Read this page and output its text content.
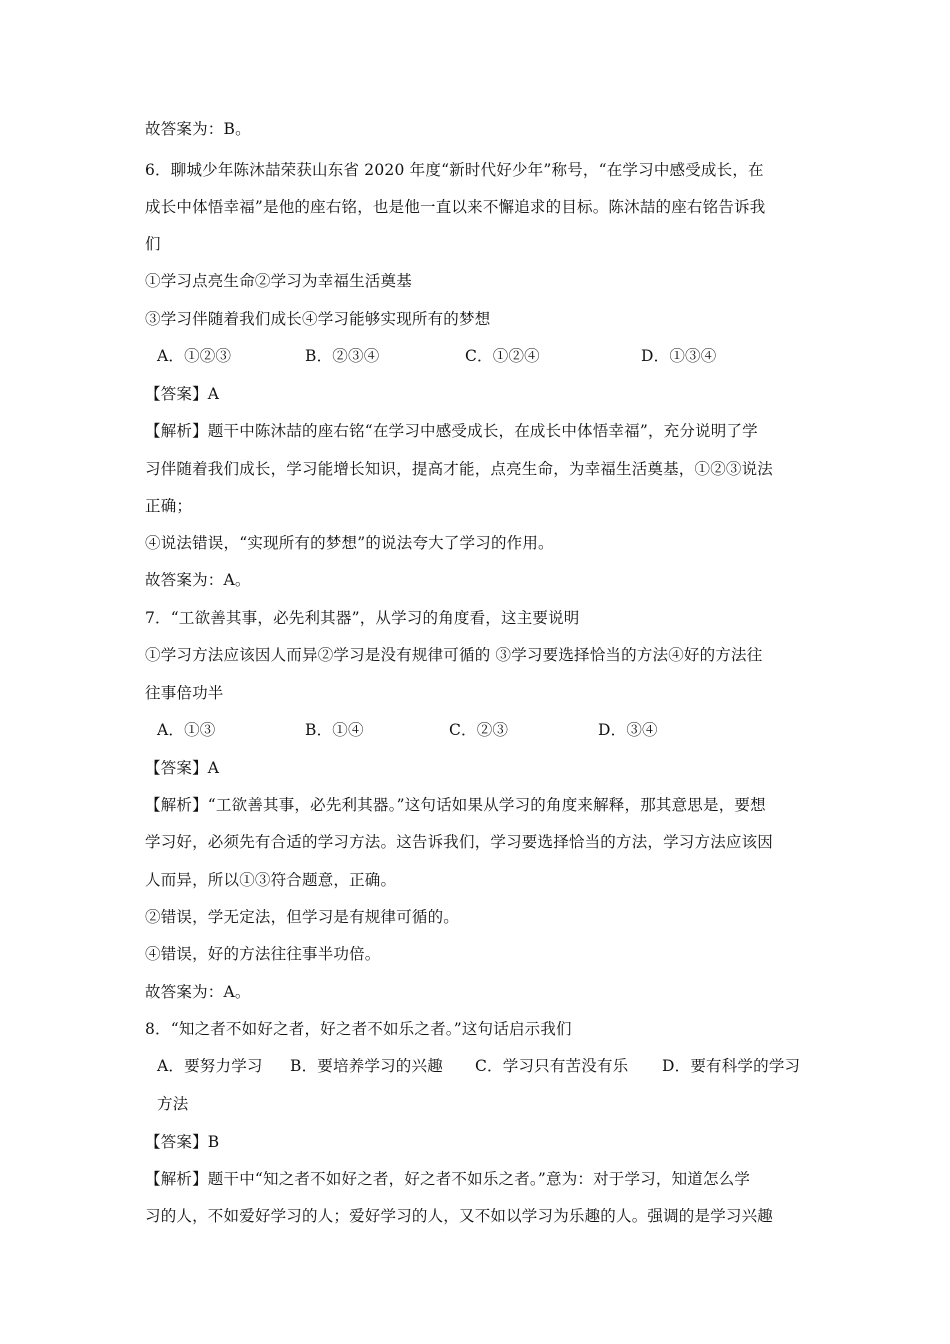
故答案为：B。
6．聊城少年陈沐喆荣获山东省 2020 年度“新时代好少年”称号，“在学习中感受成长，在
成长中体悟幸福”是他的座右铭，也是他一直以来不懈追求的目标。陈沐喆的座右铭告诉我
们
①学习点亮生命②学习为幸福生活奠基
③学习伴随着我们成长④学习能够实现所有的梦想
A．①②③	B．②③④	C．①②④	D．①③④
【答案】A
【解析】题干中陈沐喆的座右铭“在学习中感受成长，在成长中体悟幸福”，充分说明了学
习伴随着我们成长，学习能增长知识，提高才能，点亮生命，为幸福生活奠基，①②③说法
正确；
④说法错误，“实现所有的梦想”的说法夸大了学习的作用。
故答案为：A。
7．“工欲善其事，必先利其器”，从学习的角度看，这主要说明
①学习方法应该因人而异②学习是没有规律可循的 ③学习要选择恰当的方法④好的方法往
往事倍功半
A．①③	B．①④	C．②③	D．③④
【答案】A
【解析】“工欲善其事，必先利其器。”这句话如果从学习的角度来解释，那其意思是，要想
学习好，必须先有合适的学习方法。这告诉我们，学习要选择恰当的方法，学习方法应该因
人而异，所以①③符合题意，正确。
②错误，学无定法，但学习是有规律可循的。
④错误，好的方法往往事半功倍。
故答案为：A。
8．“知之者不如好之者，好之者不如乐之者。”这句话启示我们
A．要努力学习 B．要培养学习的兴趣 C．学习只有苦没有乐 D．要有科学的学习
方法
【答案】B
【解析】题干中“知之者不如好之者，好之者不如乐之者。”意为：对于学习，知道怎么学
习的人，不如爱好学习的人；爱好学习的人，又不如以学习为乐趣的人。强调的是学习兴趣
